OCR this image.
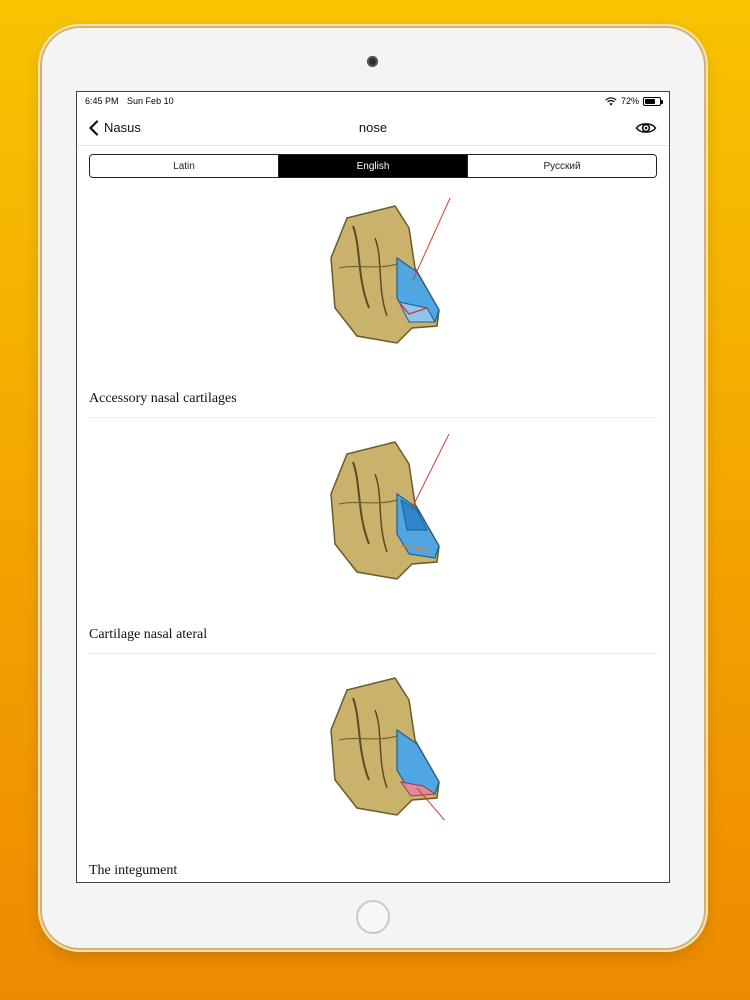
6:45 PM Sun Feb 10	72%
Nasus	nose
Latin	English	Русский
Accessory nasal cartilages
Cartilage nasal ateral
The integument
